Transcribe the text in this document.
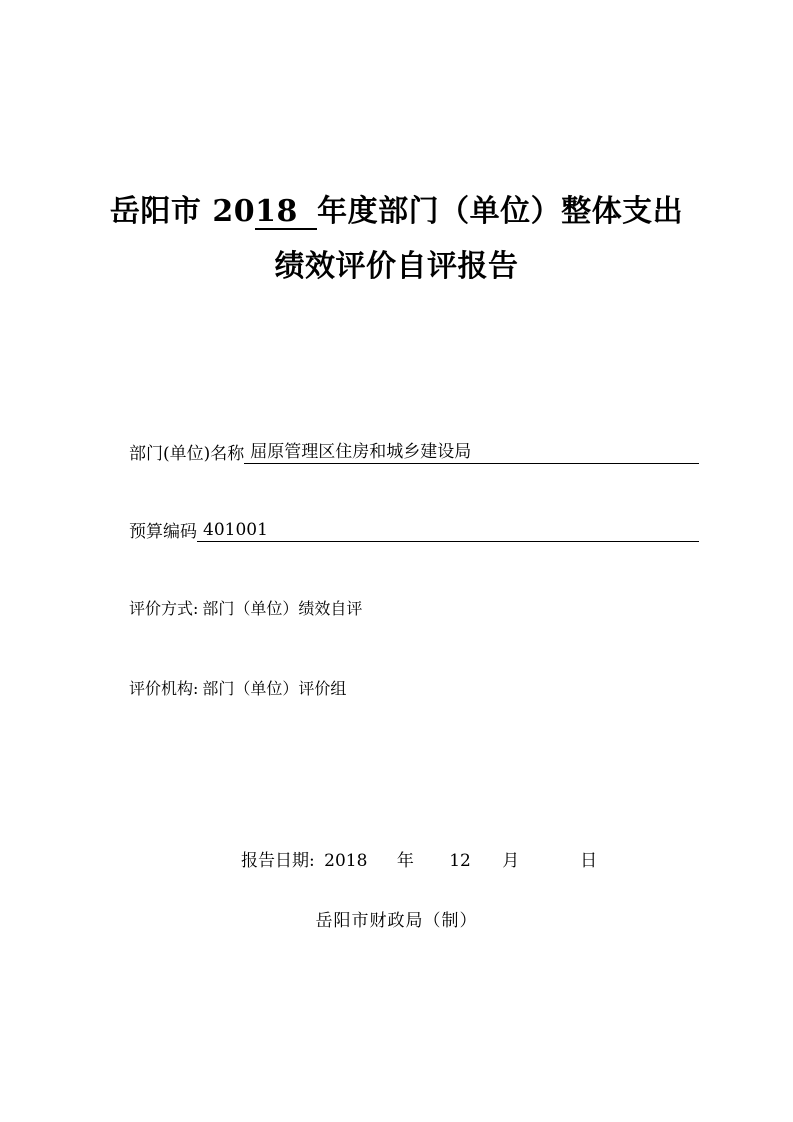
岳阳市 2018 年度部门（单位）整体支出
绩效评价自评报告
部门(单位)名称 屈原管理区住房和城乡建设局
预算编码 401001
评价方式: 部门（单位）绩效自评
评价机构: 部门（单位）评价组
报告日期: 2018 年 12 月	日
岳阳市财政局（制）
